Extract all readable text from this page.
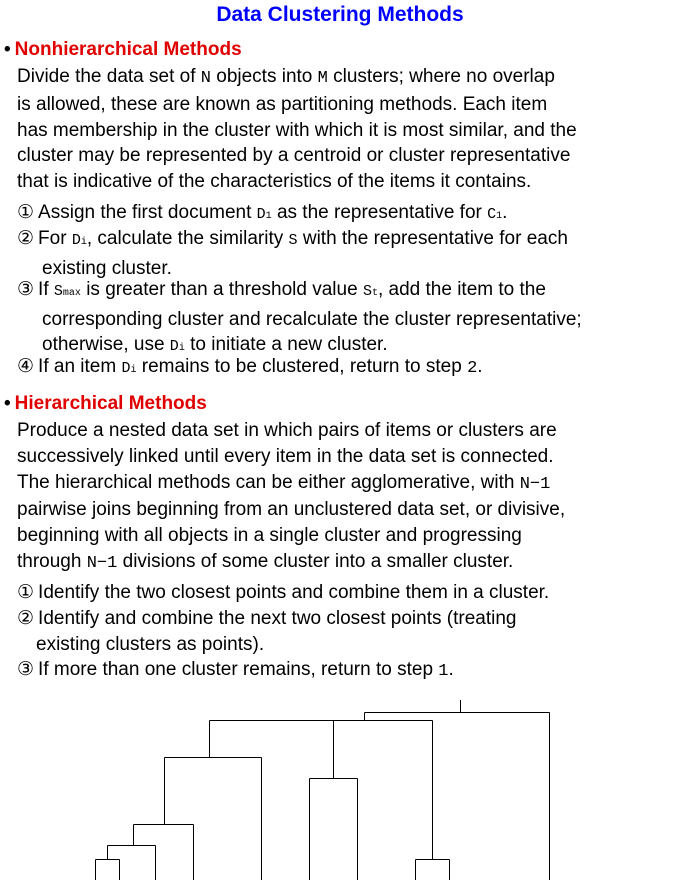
Data Clustering Methods
• Nonhierarchical Methods
Divide the data set of N objects into M clusters; where no overlap
is allowed, these are known as partitioning methods. Each item
has membership in the cluster with which it is most similar, and the
cluster may be represented by a centroid or cluster representative
that is indicative of the characteristics of the items it contains.
① Assign the first document D1 as the representative for C1.
② For Di, calculate the similarity S with the representative for each
existing cluster.
③ If Smax is greater than a threshold value St, add the item to the
corresponding cluster and recalculate the cluster representative;
otherwise, use Di to initiate a new cluster.
④ If an item Di remains to be clustered, return to step 2.
• Hierarchical Methods
Produce a nested data set in which pairs of items or clusters are
successively linked until every item in the data set is connected.
The hierarchical methods can be either agglomerative, with N−1
pairwise joins beginning from an unclustered data set, or divisive,
beginning with all objects in a single cluster and progressing
through N−1 divisions of some cluster into a smaller cluster.
① Identify the two closest points and combine them in a cluster.
② Identify and combine the next two closest points (treating
existing clusters as points).
③ If more than one cluster remains, return to step 1.
